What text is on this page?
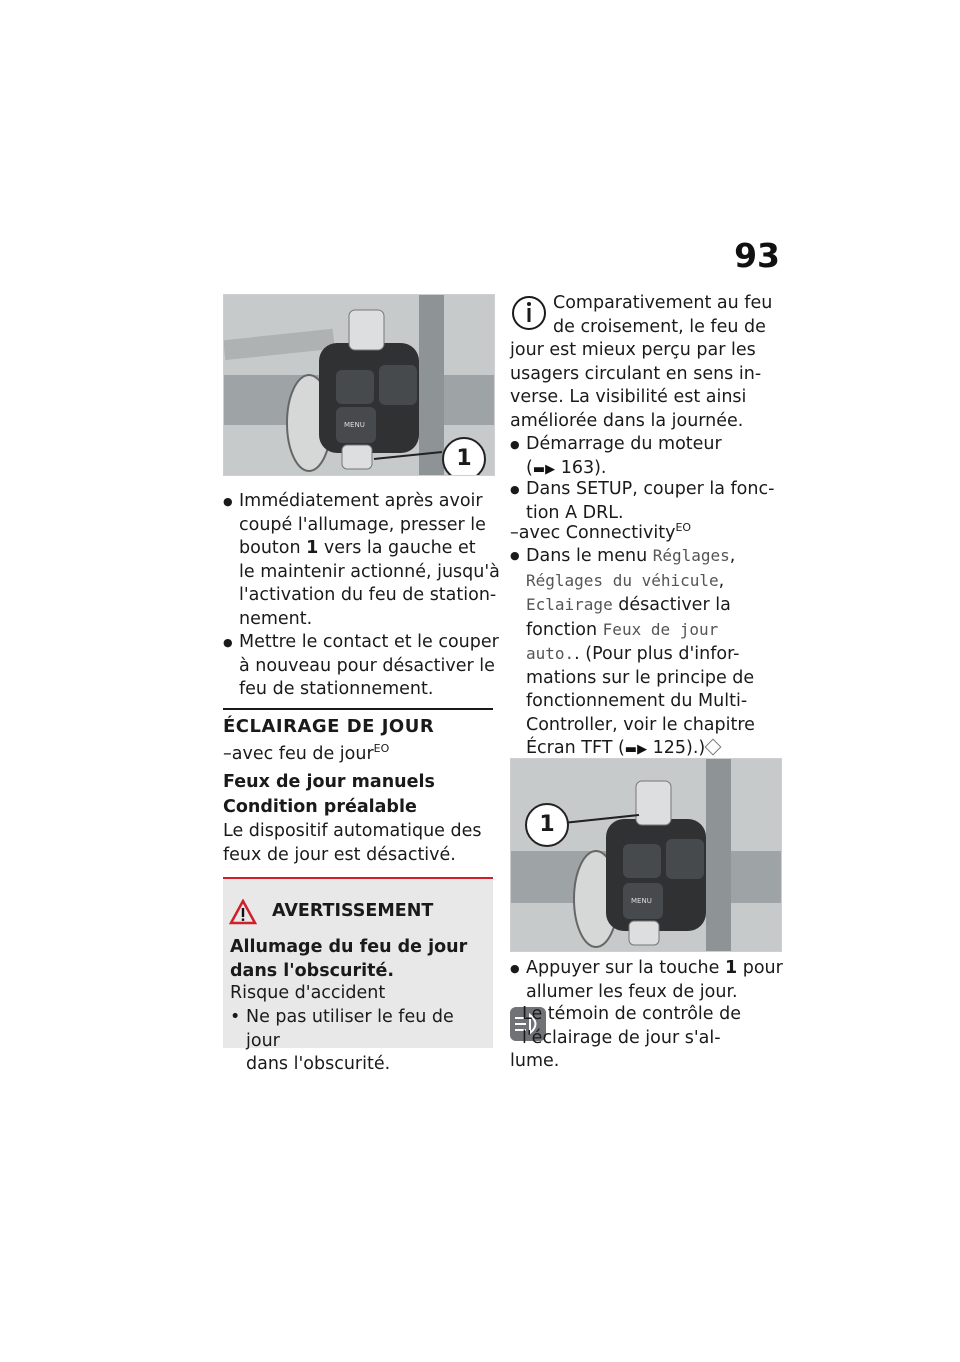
93
MENU
1
● Immédiatement après avoir
coupé l'allumage, presser le
bouton 1 vers la gauche et
le maintenir actionné, jusqu'à
l'activation du feu de station-
nement.
● Mettre le contact et le couper
à nouveau pour désactiver le
feu de stationnement.
ÉCLAIRAGE DE JOUR
–avec feu de jour$^{EO}$
Feux de jour manuels
Condition préalable
Le dispositif automatique des
feux de jour est désactivé.
AVERTISSEMENT
Allumage du feu de jour
dans l'obscurité.
Risque d'accident
• Ne pas utiliser le feu de jour
dans l'obscurité.
Comparativement au feu
de croisement, le feu de
jour est mieux perçu par les
usagers circulant en sens in-
verse. La visibilité est ainsi
améliorée dans la journée.
● Démarrage du moteur
(▬▶ 163).
● Dans SETUP, couper la fonc-
tion A DRL.
–avec Connectivity$^{EO}$
● Dans le menu Réglages,
Réglages du véhicule,
Eclairage désactiver la
fonction Feux de jour
auto.. (Pour plus d'infor-
mations sur le principe de
fonctionnement du Multi-
Controller, voir le chapitre
Écran TFT (▬▶ 125).)
MENU
1
● Appuyer sur la touche 1 pour
allumer les feux de jour.
Le témoin de contrôle de
l'éclairage de jour s'al-
lume.
